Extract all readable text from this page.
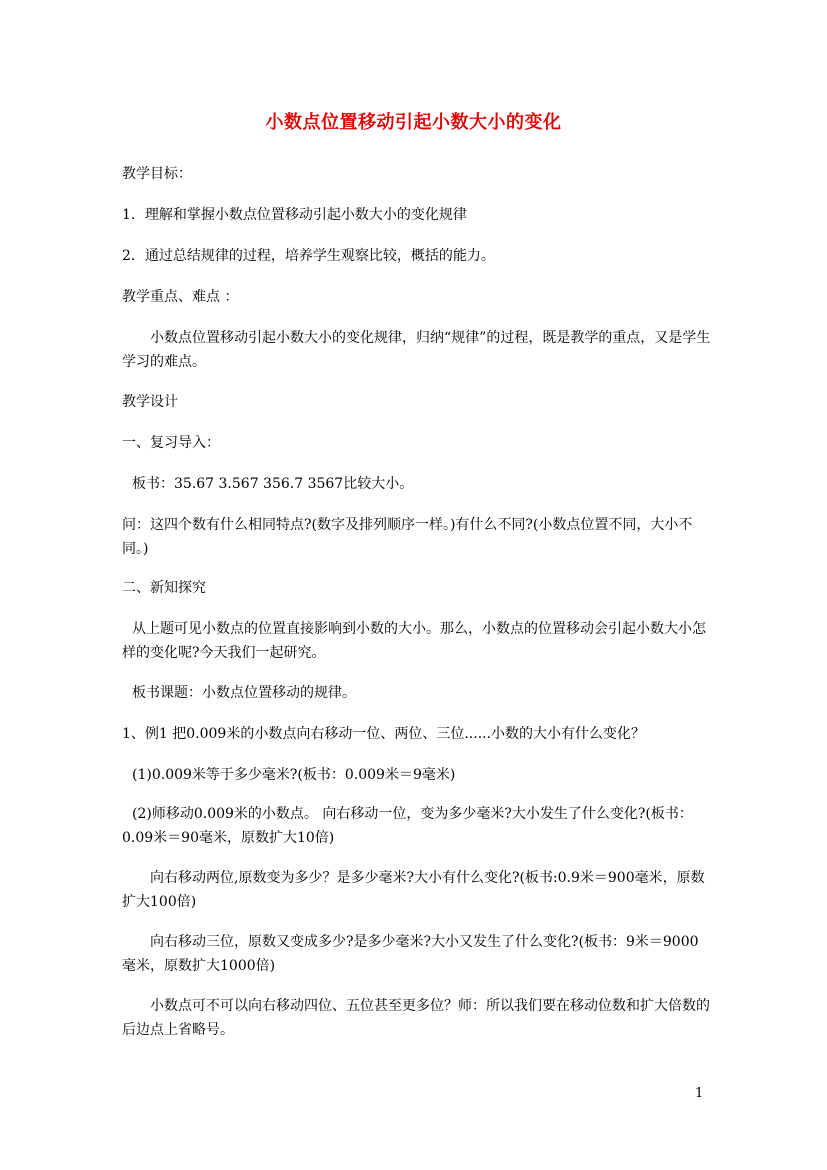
小数点位置移动引起小数大小的变化
教学目标：
1．理解和掌握小数点位置移动引起小数大小的变化规律
2．通过总结规律的过程，培养学生观察比较，概括的能力。
教学重点、难点 ：
小数点位置移动引起小数大小的变化规律，归纳“规律”的过程，既是教学的重点，又是学生学习的难点。
教学设计
一、复习导入：
板书：35.67 3.567 356.7 3567比较大小。
问：这四个数有什么相同特点?(数字及排列顺序一样。)有什么不同?(小数点位置不同，大小不同。)
二、新知探究
从上题可见小数点的位置直接影响到小数的大小。那么，小数点的位置移动会引起小数大小怎样的变化呢?今天我们一起研究。
板书课题：小数点位置移动的规律。
1、例1 把0.009米的小数点向右移动一位、两位、三位......小数的大小有什么变化？
(1)0.009米等于多少毫米?(板书：0.009米＝9毫米)
(2)师移动0.009米的小数点。 向右移动一位，变为多少毫米?大小发生了什么变化?(板书：0.09米＝90毫米，原数扩大10倍)
向右移动两位,原数变为多少？是多少毫米?大小有什么变化?(板书:0.9米＝900毫米，原数扩大100倍)
向右移动三位，原数又变成多少?是多少毫米?大小又发生了什么变化?(板书：9米＝9000毫米，原数扩大1000倍)
小数点可不可以向右移动四位、五位甚至更多位？师：所以我们要在移动位数和扩大倍数的后边点上省略号。
1
